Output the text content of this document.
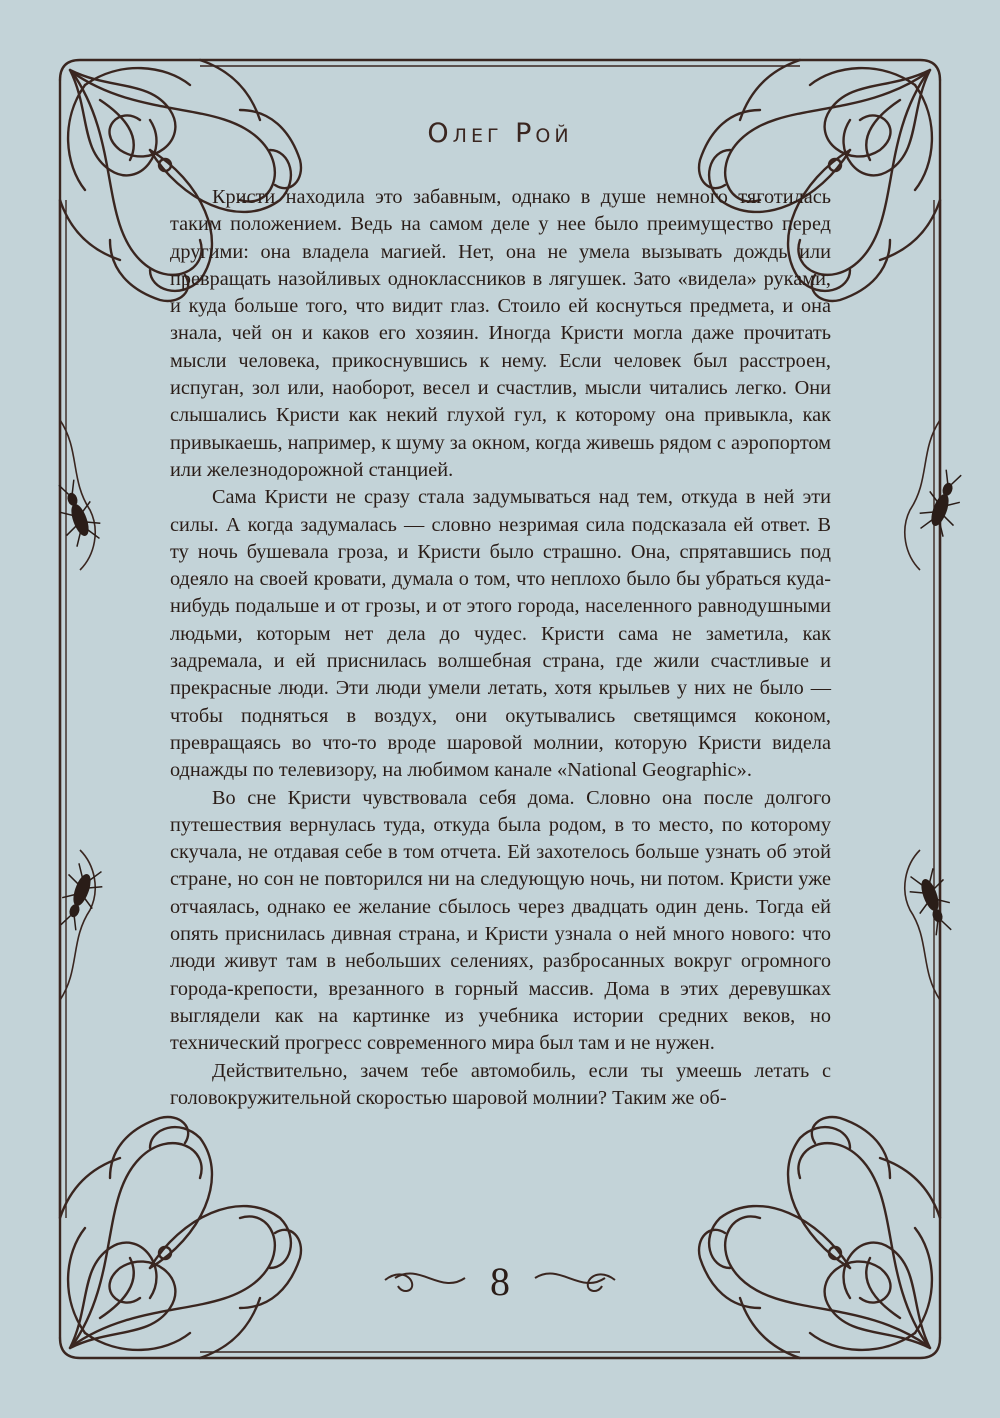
Олег Рой

Кристи находила это забавным, однако в душе немного тяготилась таким положением. Ведь на самом деле у нее было преимущество перед другими: она владела магией. Нет, она не умела вызывать дождь или превращать назойливых одноклассников в лягушек. Зато «видела» руками, и куда больше того, что видит глаз. Стоило ей коснуться предмета, и она знала, чей он и каков его хозяин. Иногда Кристи могла даже прочитать мысли человека, прикоснувшись к нему. Если человек был расстроен, испуган, зол или, наоборот, весел и счастлив, мысли читались легко. Они слышались Кристи как некий глухой гул, к которому она привыкла, как привыкаешь, например, к шуму за окном, когда живешь рядом с аэропортом или железнодорожной станцией.

Сама Кристи не сразу стала задумываться над тем, откуда в ней эти силы. А когда задумалась — словно незримая сила подсказала ей ответ. В ту ночь бушевала гроза, и Кристи было страшно. Она, спрятавшись под одеяло на своей кровати, думала о том, что неплохо было бы убраться куда-нибудь подальше и от грозы, и от этого города, населенного равнодушными людьми, которым нет дела до чудес. Кристи сама не заметила, как задремала, и ей приснилась волшебная страна, где жили счастливые и прекрасные люди. Эти люди умели летать, хотя крыльев у них не было — чтобы подняться в воздух, они окутывались светящимся коконом, превращаясь во что-то вроде шаровой молнии, которую Кристи видела однажды по телевизору, на любимом канале «National Geographic».

Во сне Кристи чувствовала себя дома. Словно она после долгого путешествия вернулась туда, откуда была родом, в то место, по которому скучала, не отдавая себе в том отчета. Ей захотелось больше узнать об этой стране, но сон не повторился ни на следующую ночь, ни потом. Кристи уже отчаялась, однако ее желание сбылось через двадцать один день. Тогда ей опять приснилась дивная страна, и Кристи узнала о ней много нового: что люди живут там в небольших селениях, разбросанных вокруг огромного города-крепости, врезанного в горный массив. Дома в этих деревушках выглядели как на картинке из учебника истории средних веков, но технический прогресс современного мира был там и не нужен.

Действительно, зачем тебе автомобиль, если ты умеешь летать с головокружительной скоростью шаровой молнии? Таким же об-

8
